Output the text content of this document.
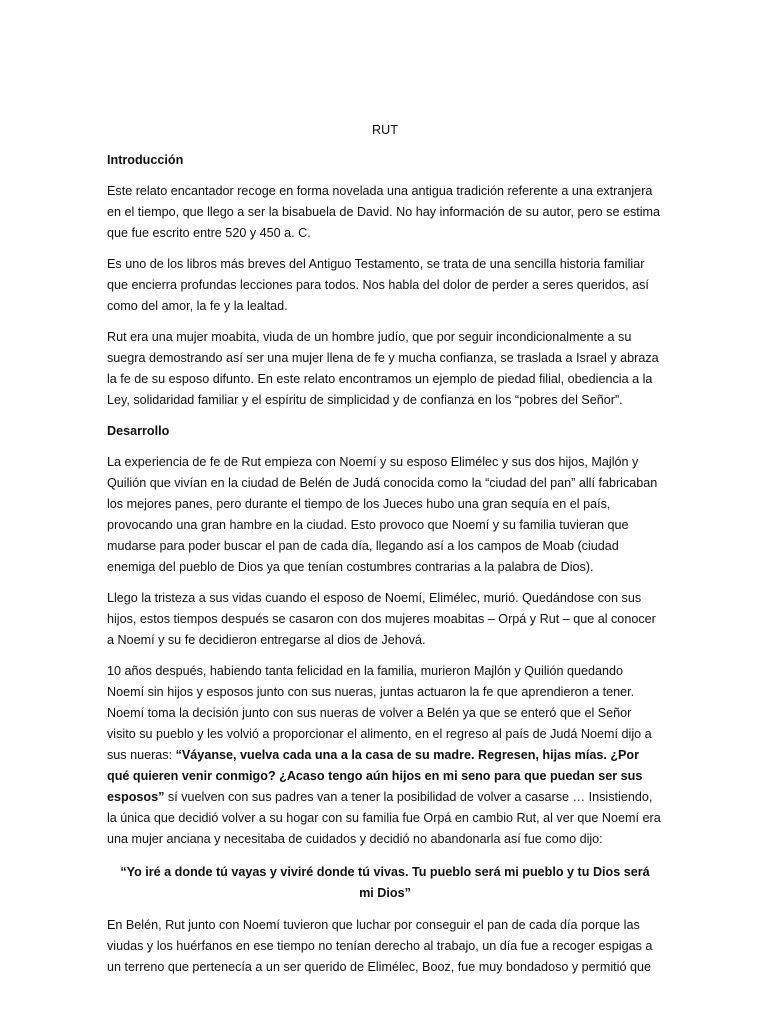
RUT
Introducción

Este relato encantador recoge en forma novelada una antigua tradición referente a una extranjera en el tiempo, que llego a ser la bisabuela de David. No hay información de su autor, pero se estima que fue escrito entre 520 y 450 a. C.

Es uno de los libros más breves del Antiguo Testamento, se trata de una sencilla historia familiar que encierra profundas lecciones para todos. Nos habla del dolor de perder a seres queridos, así como del amor, la fe y la lealtad.

Rut era una mujer moabita, viuda de un hombre judío, que por seguir incondicionalmente a su suegra demostrando así ser una mujer llena de fe y mucha confianza, se traslada a Israel y abraza la fe de su esposo difunto. En este relato encontramos un ejemplo de piedad filial, obediencia a la Ley, solidaridad familiar y el espíritu de simplicidad y de confianza en los “pobres del Señor”.

Desarrollo

La experiencia de fe de Rut empieza con Noemí y su esposo Elimélec y sus dos hijos, Majlón y Quilión que vivían en la ciudad de Belén de Judá conocida como la “ciudad del pan” allí fabricaban los mejores panes, pero durante el tiempo de los Jueces hubo una gran sequía en el país, provocando una gran hambre en la ciudad. Esto provoco que Noemí y su familia tuvieran que mudarse para poder buscar el pan de cada día, llegando así a los campos de Moab (ciudad enemiga del pueblo de Dios ya que tenían costumbres contrarias a la palabra de Dios).

Llego la tristeza a sus vidas cuando el esposo de Noemí, Elimélec, murió. Quedándose con sus hijos, estos tiempos después se casaron con dos mujeres moabitas – Orpá y Rut – que al conocer a Noemí y su fe decidieron entregarse al dios de Jehová.

10 años después, habiendo tanta felicidad en la familia, murieron Majlón y Quilión quedando Noemí sin hijos y esposos junto con sus nueras, juntas actuaron la fe que aprendieron a tener. Noemí toma la decisión junto con sus nueras de volver a Belén ya que se enteró que el Señor visito su pueblo y les volvió a proporcionar el alimento, en el regreso al país de Judá Noemí dijo a sus nueras: “Váyanse, vuelva cada una a la casa de su madre. Regresen, hijas mías. ¿Por qué quieren venir conmigo? ¿Acaso tengo aún hijos en mi seno para que puedan ser sus esposos” sí vuelven con sus padres van a tener la posibilidad de volver a casarse … Insistiendo, la única que decidió volver a su hogar con su familia fue Orpá en cambio Rut, al ver que Noemí era una mujer anciana y necesitaba de cuidados y decidió no abandonarla así fue como dijo:

“Yo iré a donde tú vayas y viviré donde tú vivas. Tu pueblo será mi pueblo y tu Dios será mi Dios”

En Belén, Rut junto con Noemí tuvieron que luchar por conseguir el pan de cada día porque las viudas y los huérfanos en ese tiempo no tenían derecho al trabajo, un día fue a recoger espigas a un terreno que pertenecía a un ser querido de Elimélec, Booz, fue muy bondadoso y permitió que
